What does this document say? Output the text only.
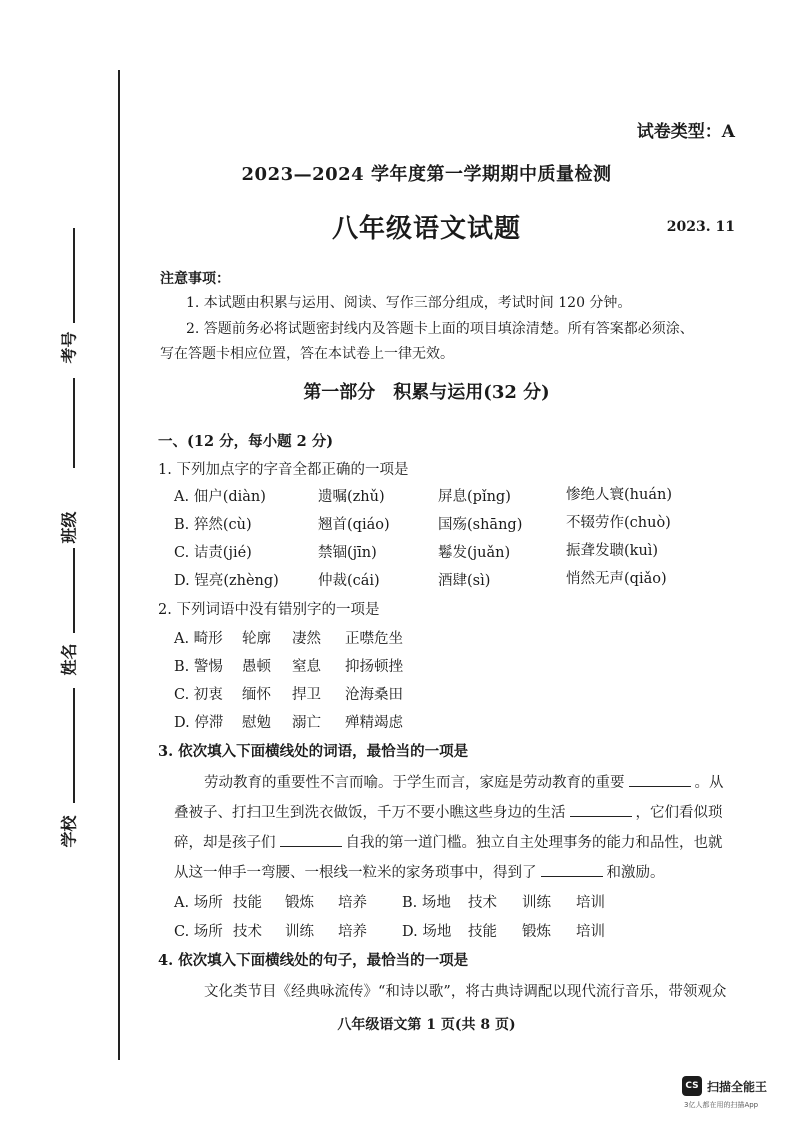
考号
班级
姓名
学校
试卷类型：A
2023—2024 学年度第一学期期中质量检测
八年级语文试题	2023. 11
注意事项：
1. 本试题由积累与运用、阅读、写作三部分组成，考试时间 120 分钟。
2. 答题前务必将试题密封线内及答题卡上面的项目填涂清楚。所有答案都必须涂、
写在答题卡相应位置，答在本试卷上一律无效。
第一部分　积累与运用(32 分)
一、(12 分，每小题 2 分)
1. 下列加点字的字音全都正确的一项是
A. 佃户(diàn)	遗嘱(zhǔ)	屏息(pǐng)	惨绝人寰(huán)
B. 猝然(cù)	翘首(qiáo)	国殇(shāng)	不辍劳作(chuò)
C. 诘责(jié)	禁锢(jīn)	鬈发(juǎn)	振聋发聩(kuì)
D. 锃亮(zhèng)	仲裁(cái)	酒肆(sì)	悄然无声(qiǎo)
2. 下列词语中没有错别字的一项是
A. 畸形 轮廓 凄然 正噤危坐
B. 警惕 愚顿 窒息 抑扬顿挫
C. 初衷 缅怀 捍卫 沧海桑田
D. 停滞 慰勉 溺亡 殚精竭虑
3. 依次填入下面横线处的词语，最恰当的一项是
劳动教育的重要性不言而喻。于学生而言，家庭是劳动教育的重要	。从
叠被子、打扫卫生到洗衣做饭，千万不要小瞧这些身边的生活	，它们看似琐
碎，却是孩子们	自我的第一道门槛。独立自主处理事务的能力和品性，也就
从这一伸手一弯腰、一根线一粒米的家务琐事中，得到了	和激励。
A. 场所 技能 锻炼 培养 B. 场地 技术 训练 培训
C. 场所 技术 训练 培养 D. 场地 技能 锻炼 培训
4. 依次填入下面横线处的句子，最恰当的一项是
文化类节目《经典咏流传》“和诗以歌”，将古典诗调配以现代流行音乐，带领观众
八年级语文第 1 页(共 8 页)
CS 扫描全能王
3亿人都在用的扫描App
